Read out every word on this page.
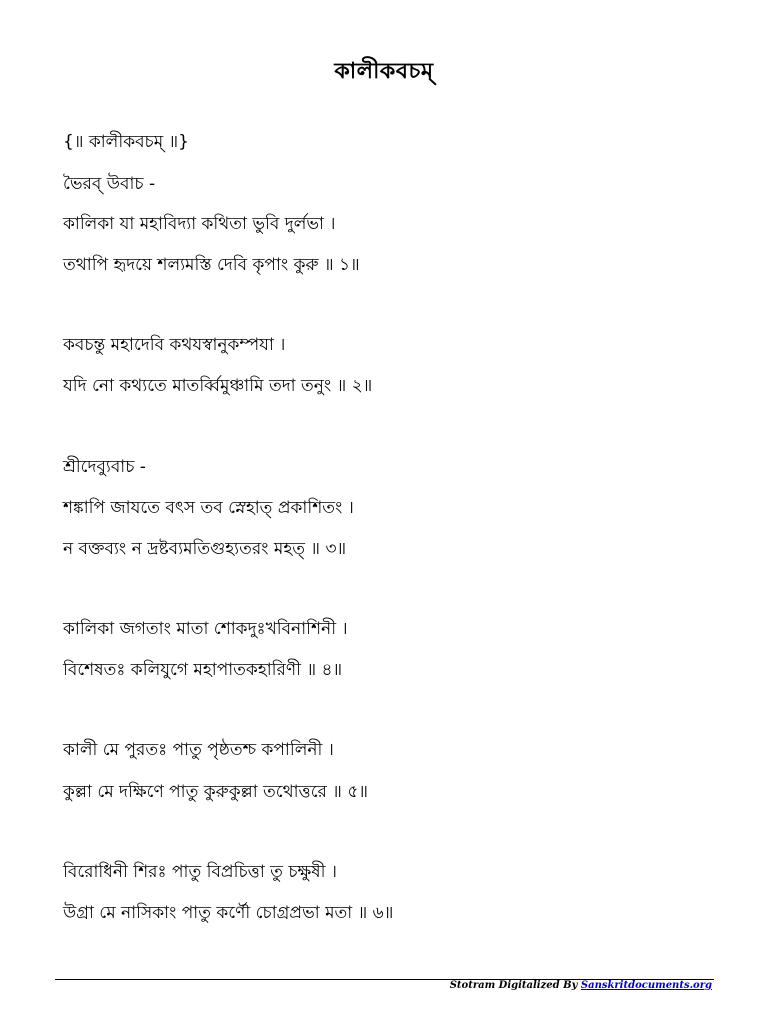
কালীকবচম্
{॥ কালীকবচম্ ॥}
ভৈরব্ উবাচ -
কালিকা যা মহাবিদ্যা কথিতা ভুবি দুর্লভা ।
তথাপি হৃদয়ে শল্যমস্তি দেবি কৃপাং কুরু ॥ ১॥
কবচন্তু মহাদেবি কথযস্বানুকম্পযা ।
যদি নো কথ্যতে মাতর্ব্বিমুঞ্চামি তদা তনুং ॥ ২॥
শ্রীদেব্যুবাচ -
শঙ্কাপি জাযতে বৎস তব স্নেহাত্ প্রকাশিতং ।
ন বক্তব্যং ন দ্রষ্টব্যমতিগুহ্যতরং মহত্ ॥ ৩॥
কালিকা জগতাং মাতা শোকদুঃখবিনাশিনী ।
বিশেষতঃ কলিযুগে মহাপাতকহারিণী ॥ ৪॥
কালী মে পুরতঃ পাতু পৃষ্ঠতশ্চ কপালিনী ।
কুল্লা মে দক্ষিণে পাতু কুরুকুল্লা তথোত্তরে ॥ ৫॥
বিরোধিনী শিরঃ পাতু বিপ্রচিত্তা তু চক্ষুষী ।
উগ্রা মে নাসিকাং পাতু কর্ণৌ চোগ্রপ্রভা মতা ॥ ৬॥
Stotram Digitalized By Sanskritdocuments.org
